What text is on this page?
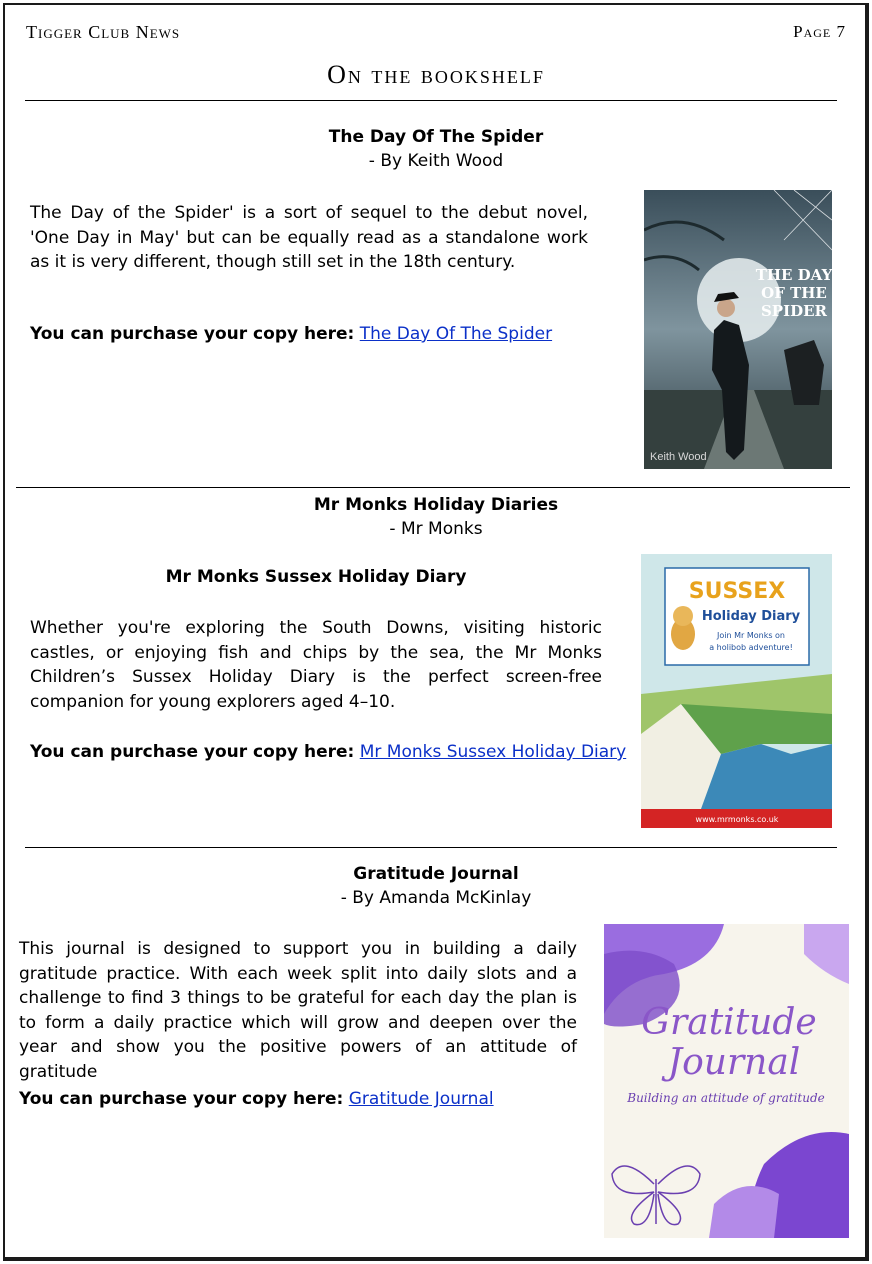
Tigger Club News	Page 7
On the bookshelf
The Day Of The Spider
- By Keith Wood
The Day of the Spider' is a sort of sequel to the debut novel, 'One Day in May' but can be equally read as a standalone work as it is very different, though still set in the 18th century.
You can purchase your copy here: The Day Of The Spider
THE DAY
OF THE
SPIDER
Keith Wood
Mr Monks Holiday Diaries
- Mr Monks
Mr Monks Sussex Holiday Diary
Whether you're exploring the South Downs, visiting historic castles, or enjoying fish and chips by the sea, the Mr Monks Children’s Sussex Holiday Diary is the perfect screen-free companion for young explorers aged 4–10.
You can purchase your copy here: Mr Monks Sussex Holiday Diary
SUSSEX
Holiday Diary
Join Mr Monks on
a holibob adventure!
www.mrmonks.co.uk
Gratitude Journal
- By Amanda McKinlay
This journal is designed to support you in building a daily gratitude practice. With each week split into daily slots and a challenge to find 3 things to be grateful for each day the plan is to form a daily practice which will grow and deepen over the year and show you the positive powers of an attitude of gratitude
You can purchase your copy here: Gratitude Journal
Gratitude
Journal
Building an attitude of gratitude
